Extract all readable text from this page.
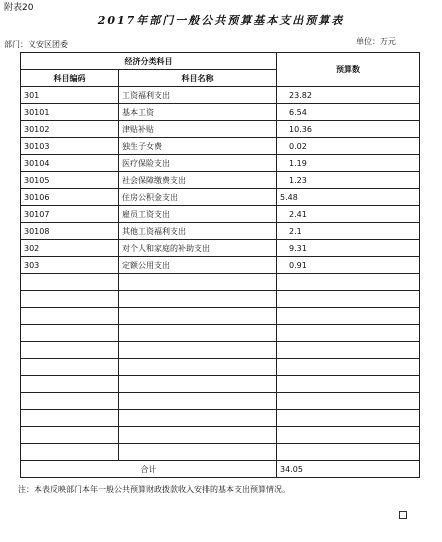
附表20
2017年部门一般公共预算基本支出预算表
部门：义安区团委	单位：万元
经济分类科目		预算数
科目编码	科目名称	
301	工资福利支出	23.82
30101	基本工资	6.54
30102	津贴补贴	10.36
30103	独生子女费	0.02
30104	医疗保险支出	1.19
30105	社会保障缴费支出	1.23
30106	住房公积金支出	5.48
30107	雇员工资支出	2.41
30108	其他工资福利支出	2.1
302	对个人和家庭的补助支出	9.31
303	定额公用支出	0.91

合计		34.05
注：本表反映部门本年一般公共预算财政拨款收入安排的基本支出预算情况。
